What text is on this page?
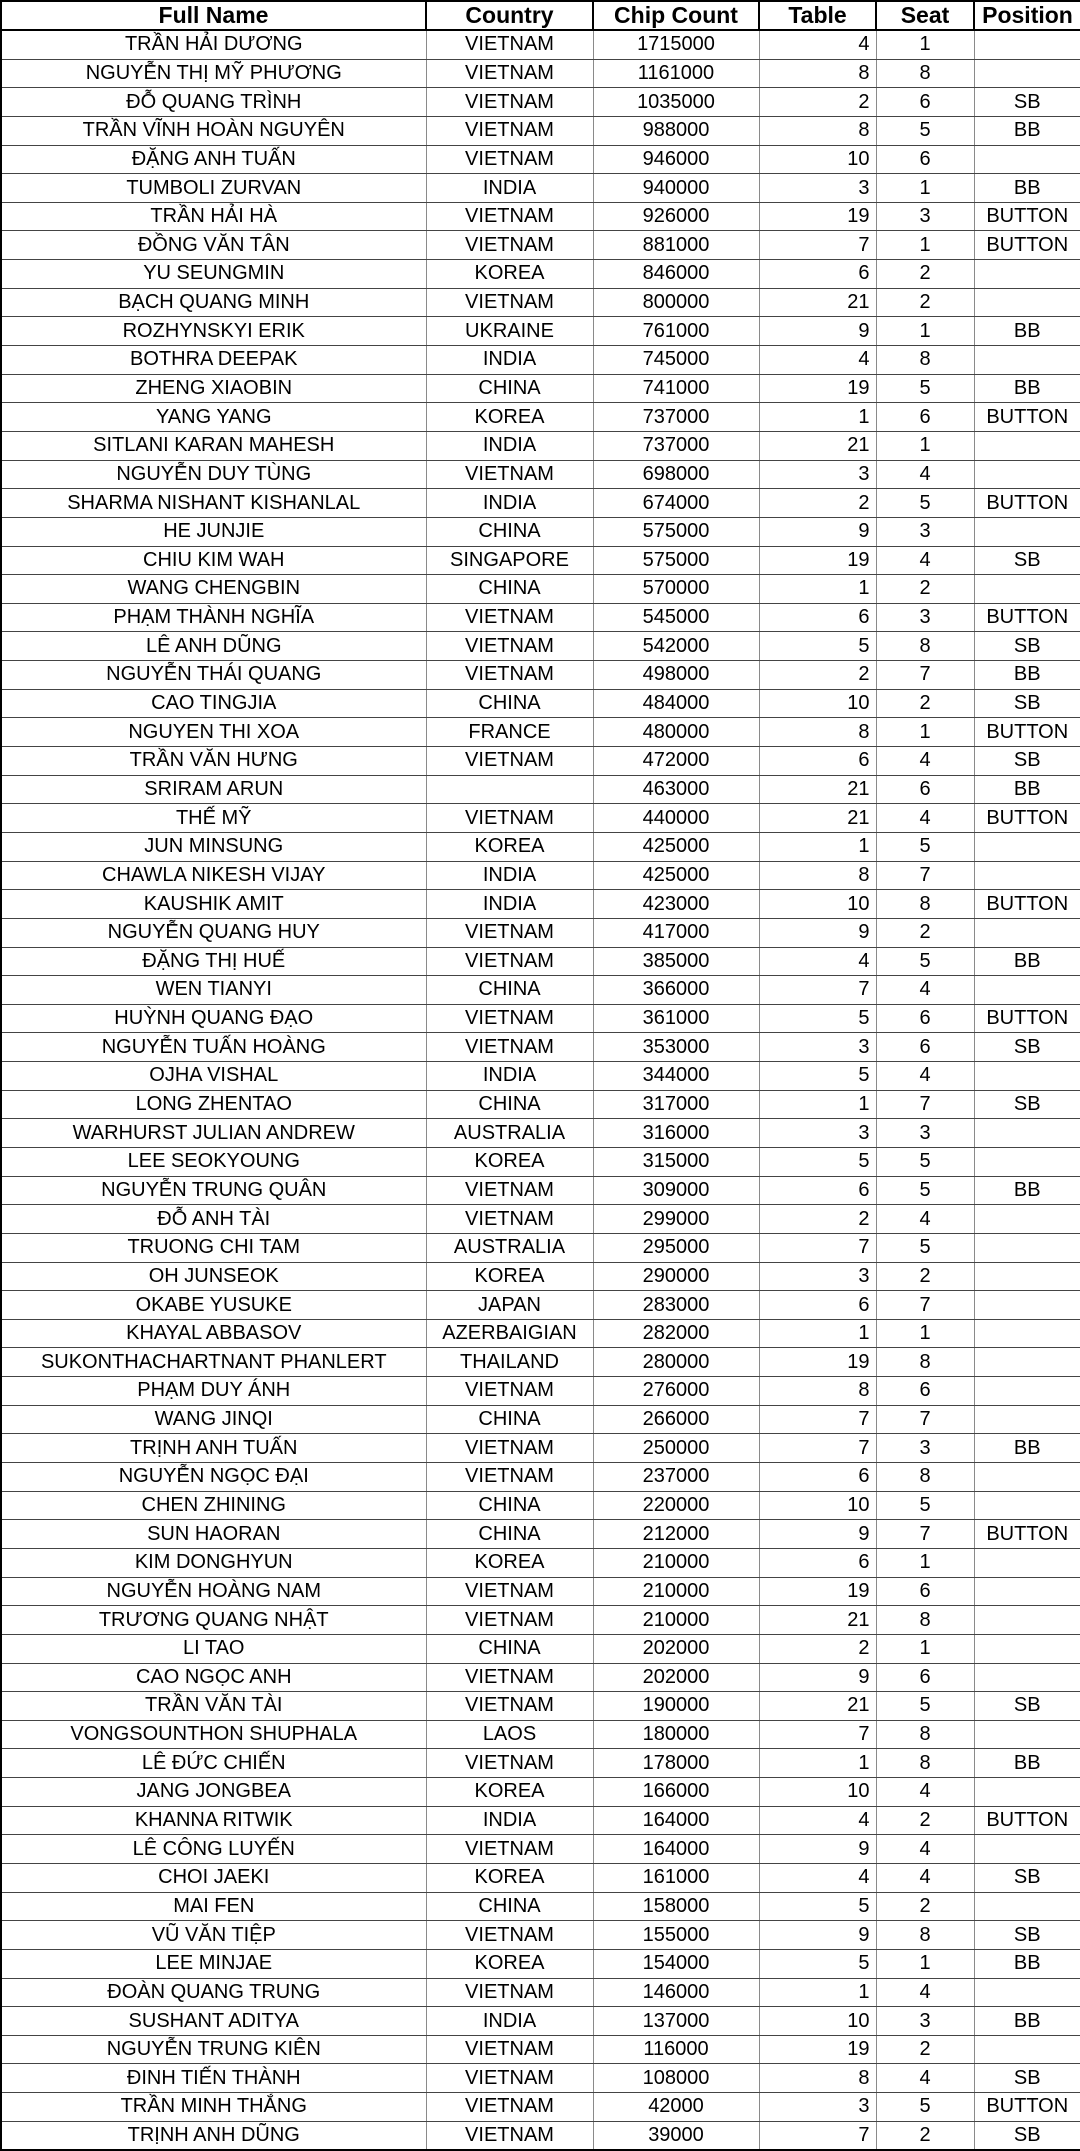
Full Name	Country	Chip Count	Table	Seat	Position
TRẦN HẢI DƯƠNG	VIETNAM	1715000	4	1	
NGUYỄN THỊ MỸ PHƯƠNG	VIETNAM	1161000	8	8	
ĐỖ QUANG TRÌNH	VIETNAM	1035000	2	6	SB
TRẦN VĨNH HOÀN NGUYÊN	VIETNAM	988000	8	5	BB
ĐẶNG ANH TUẤN	VIETNAM	946000	10	6	
TUMBOLI ZURVAN	INDIA	940000	3	1	BB
TRẦN HẢI HÀ	VIETNAM	926000	19	3	BUTTON
ĐỒNG VĂN TÂN	VIETNAM	881000	7	1	BUTTON
YU SEUNGMIN	KOREA	846000	6	2	
BẠCH QUANG MINH	VIETNAM	800000	21	2	
ROZHYNSKYI ERIK	UKRAINE	761000	9	1	BB
BOTHRA DEEPAK	INDIA	745000	4	8	
ZHENG XIAOBIN	CHINA	741000	19	5	BB
YANG YANG	KOREA	737000	1	6	BUTTON
SITLANI KARAN MAHESH	INDIA	737000	21	1	
NGUYỄN DUY TÙNG	VIETNAM	698000	3	4	
SHARMA NISHANT KISHANLAL	INDIA	674000	2	5	BUTTON
HE JUNJIE	CHINA	575000	9	3	
CHIU KIM WAH	SINGAPORE	575000	19	4	SB
WANG CHENGBIN	CHINA	570000	1	2	
PHẠM THÀNH NGHĨA	VIETNAM	545000	6	3	BUTTON
LÊ ANH DŨNG	VIETNAM	542000	5	8	SB
NGUYỄN THÁI QUANG	VIETNAM	498000	2	7	BB
CAO TINGJIA	CHINA	484000	10	2	SB
NGUYEN THI XOA	FRANCE	480000	8	1	BUTTON
TRẦN VĂN HƯNG	VIETNAM	472000	6	4	SB
SRIRAM ARUN		463000	21	6	BB
THẾ MỸ	VIETNAM	440000	21	4	BUTTON
JUN MINSUNG	KOREA	425000	1	5	
CHAWLA NIKESH VIJAY	INDIA	425000	8	7	
KAUSHIK AMIT	INDIA	423000	10	8	BUTTON
NGUYỄN QUANG HUY	VIETNAM	417000	9	2	
ĐẶNG THỊ HUẾ	VIETNAM	385000	4	5	BB
WEN TIANYI	CHINA	366000	7	4	
HUỲNH QUANG ĐẠO	VIETNAM	361000	5	6	BUTTON
NGUYỄN TUẤN HOÀNG	VIETNAM	353000	3	6	SB
OJHA VISHAL	INDIA	344000	5	4	
LONG ZHENTAO	CHINA	317000	1	7	SB
WARHURST JULIAN ANDREW	AUSTRALIA	316000	3	3	
LEE SEOKYOUNG	KOREA	315000	5	5	
NGUYỄN TRUNG QUÂN	VIETNAM	309000	6	5	BB
ĐỖ ANH TÀI	VIETNAM	299000	2	4	
TRUONG CHI TAM	AUSTRALIA	295000	7	5	
OH JUNSEOK	KOREA	290000	3	2	
OKABE YUSUKE	JAPAN	283000	6	7	
KHAYAL ABBASOV	AZERBAIGIAN	282000	1	1	
SUKONTHACHARTNANT PHANLERT	THAILAND	280000	19	8	
PHẠM DUY ÁNH	VIETNAM	276000	8	6	
WANG JINQI	CHINA	266000	7	7	
TRỊNH ANH TUẤN	VIETNAM	250000	7	3	BB
NGUYỄN NGỌC ĐẠI	VIETNAM	237000	6	8	
CHEN ZHINING	CHINA	220000	10	5	
SUN HAORAN	CHINA	212000	9	7	BUTTON
KIM DONGHYUN	KOREA	210000	6	1	
NGUYỄN HOÀNG NAM	VIETNAM	210000	19	6	
TRƯƠNG QUANG NHẬT	VIETNAM	210000	21	8	
LI TAO	CHINA	202000	2	1	
CAO NGỌC ANH	VIETNAM	202000	9	6	
TRẦN VĂN TÀI	VIETNAM	190000	21	5	SB
VONGSOUNTHON SHUPHALA	LAOS	180000	7	8	
LÊ ĐỨC CHIẾN	VIETNAM	178000	1	8	BB
JANG JONGBEA	KOREA	166000	10	4	
KHANNA RITWIK	INDIA	164000	4	2	BUTTON
LÊ CÔNG LUYẾN	VIETNAM	164000	9	4	
CHOI JAEKI	KOREA	161000	4	4	SB
MAI FEN	CHINA	158000	5	2	
VŨ VĂN TIỆP	VIETNAM	155000	9	8	SB
LEE MINJAE	KOREA	154000	5	1	BB
ĐOÀN QUANG TRUNG	VIETNAM	146000	1	4	
SUSHANT ADITYA	INDIA	137000	10	3	BB
NGUYỄN TRUNG KIÊN	VIETNAM	116000	19	2	
ĐINH TIẾN THÀNH	VIETNAM	108000	8	4	SB
TRẦN MINH THẮNG	VIETNAM	42000	3	5	BUTTON
TRỊNH ANH DŨNG	VIETNAM	39000	7	2	SB
